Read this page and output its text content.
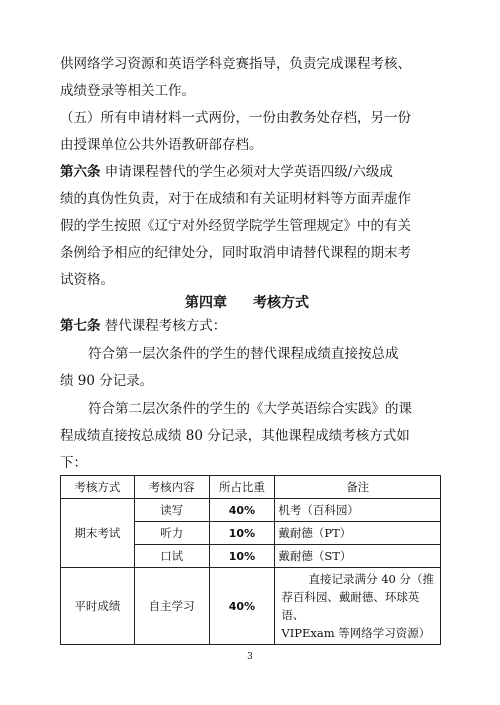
供网络学习资源和英语学科竞赛指导，负责完成课程考核、
成绩登录等相关工作。
（五）所有申请材料一式两份，一份由教务处存档，另一份
由授课单位公共外语教研部存档。
第六条 申请课程替代的学生必须对大学英语四级/六级成
绩的真伪性负责，对于在成绩和有关证明材料等方面弄虚作
假的学生按照《辽宁对外经贸学院学生管理规定》中的有关
条例给予相应的纪律处分，同时取消申请替代课程的期末考
试资格。
第四章 考核方式
第七条 替代课程考核方式：
符合第一层次条件的学生的替代课程成绩直接按总成
绩 90 分记录。
符合第二层次条件的学生的《大学英语综合实践》的课
程成绩直接按总成绩 80 分记录，其他课程成绩考核方式如
下：
考核方式	考核内容	所占比重	备注
期末考试	读写	40%	机考（百科园）
	听力	10%	戴耐德（PT）
	口试	10%	戴耐德（ST）
平时成绩	自主学习	40%	直接记录满分 40 分（推
荐百科园、戴耐德、环球英语、
VIPExam 等网络学习资源）
3
